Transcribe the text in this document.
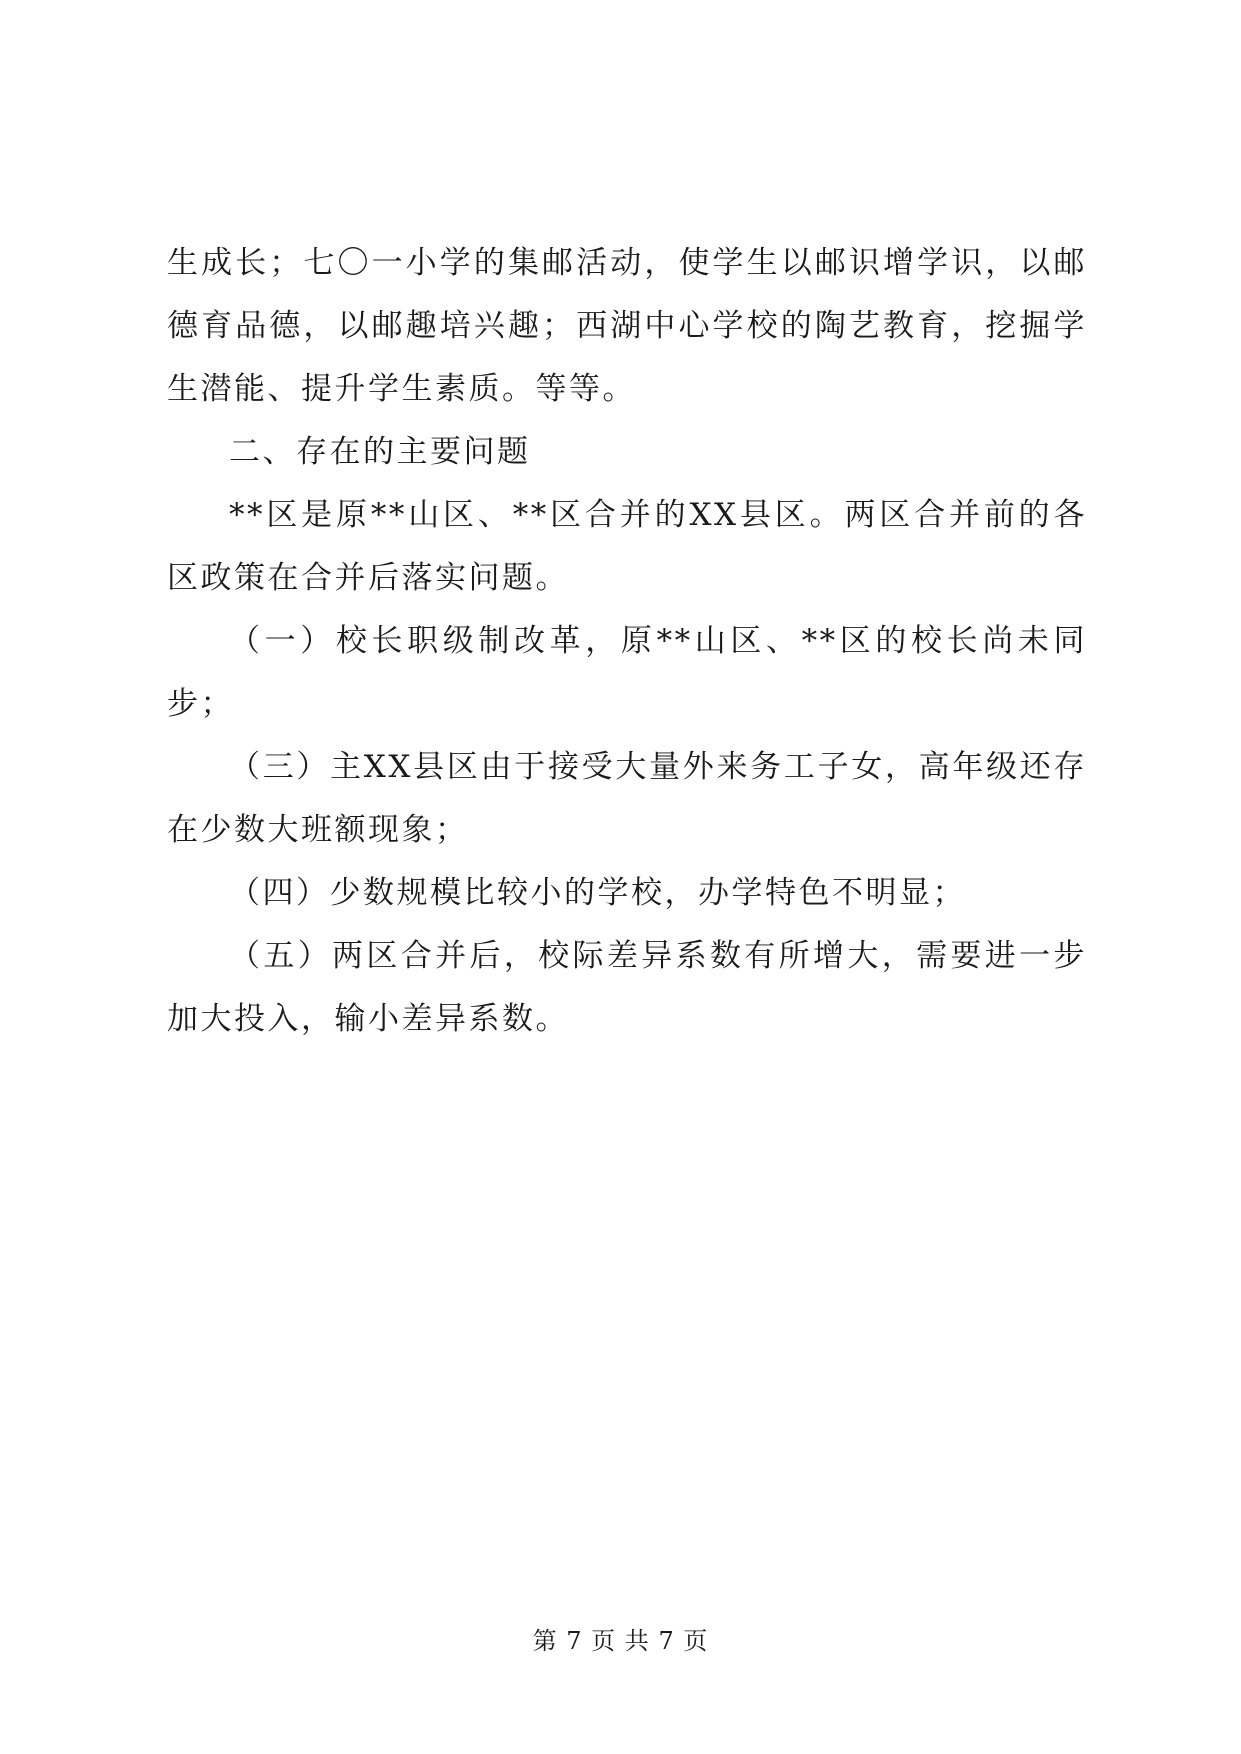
生成长；七〇一小学的集邮活动，使学生以邮识增学识，以邮德育品德，以邮趣培兴趣；西湖中心学校的陶艺教育，挖掘学生潜能、提升学生素质。等等。

二、存在的主要问题

**区是原**山区、**区合并的XX县区。两区合并前的各区政策在合并后落实问题。

（一）校长职级制改革，原**山区、**区的校长尚未同步；

（三）主XX县区由于接受大量外来务工子女，高年级还存在少数大班额现象；

（四）少数规模比较小的学校，办学特色不明显；

（五）两区合并后，校际差异系数有所增大，需要进一步加大投入，输小差异系数。

第 7 页 共 7 页
